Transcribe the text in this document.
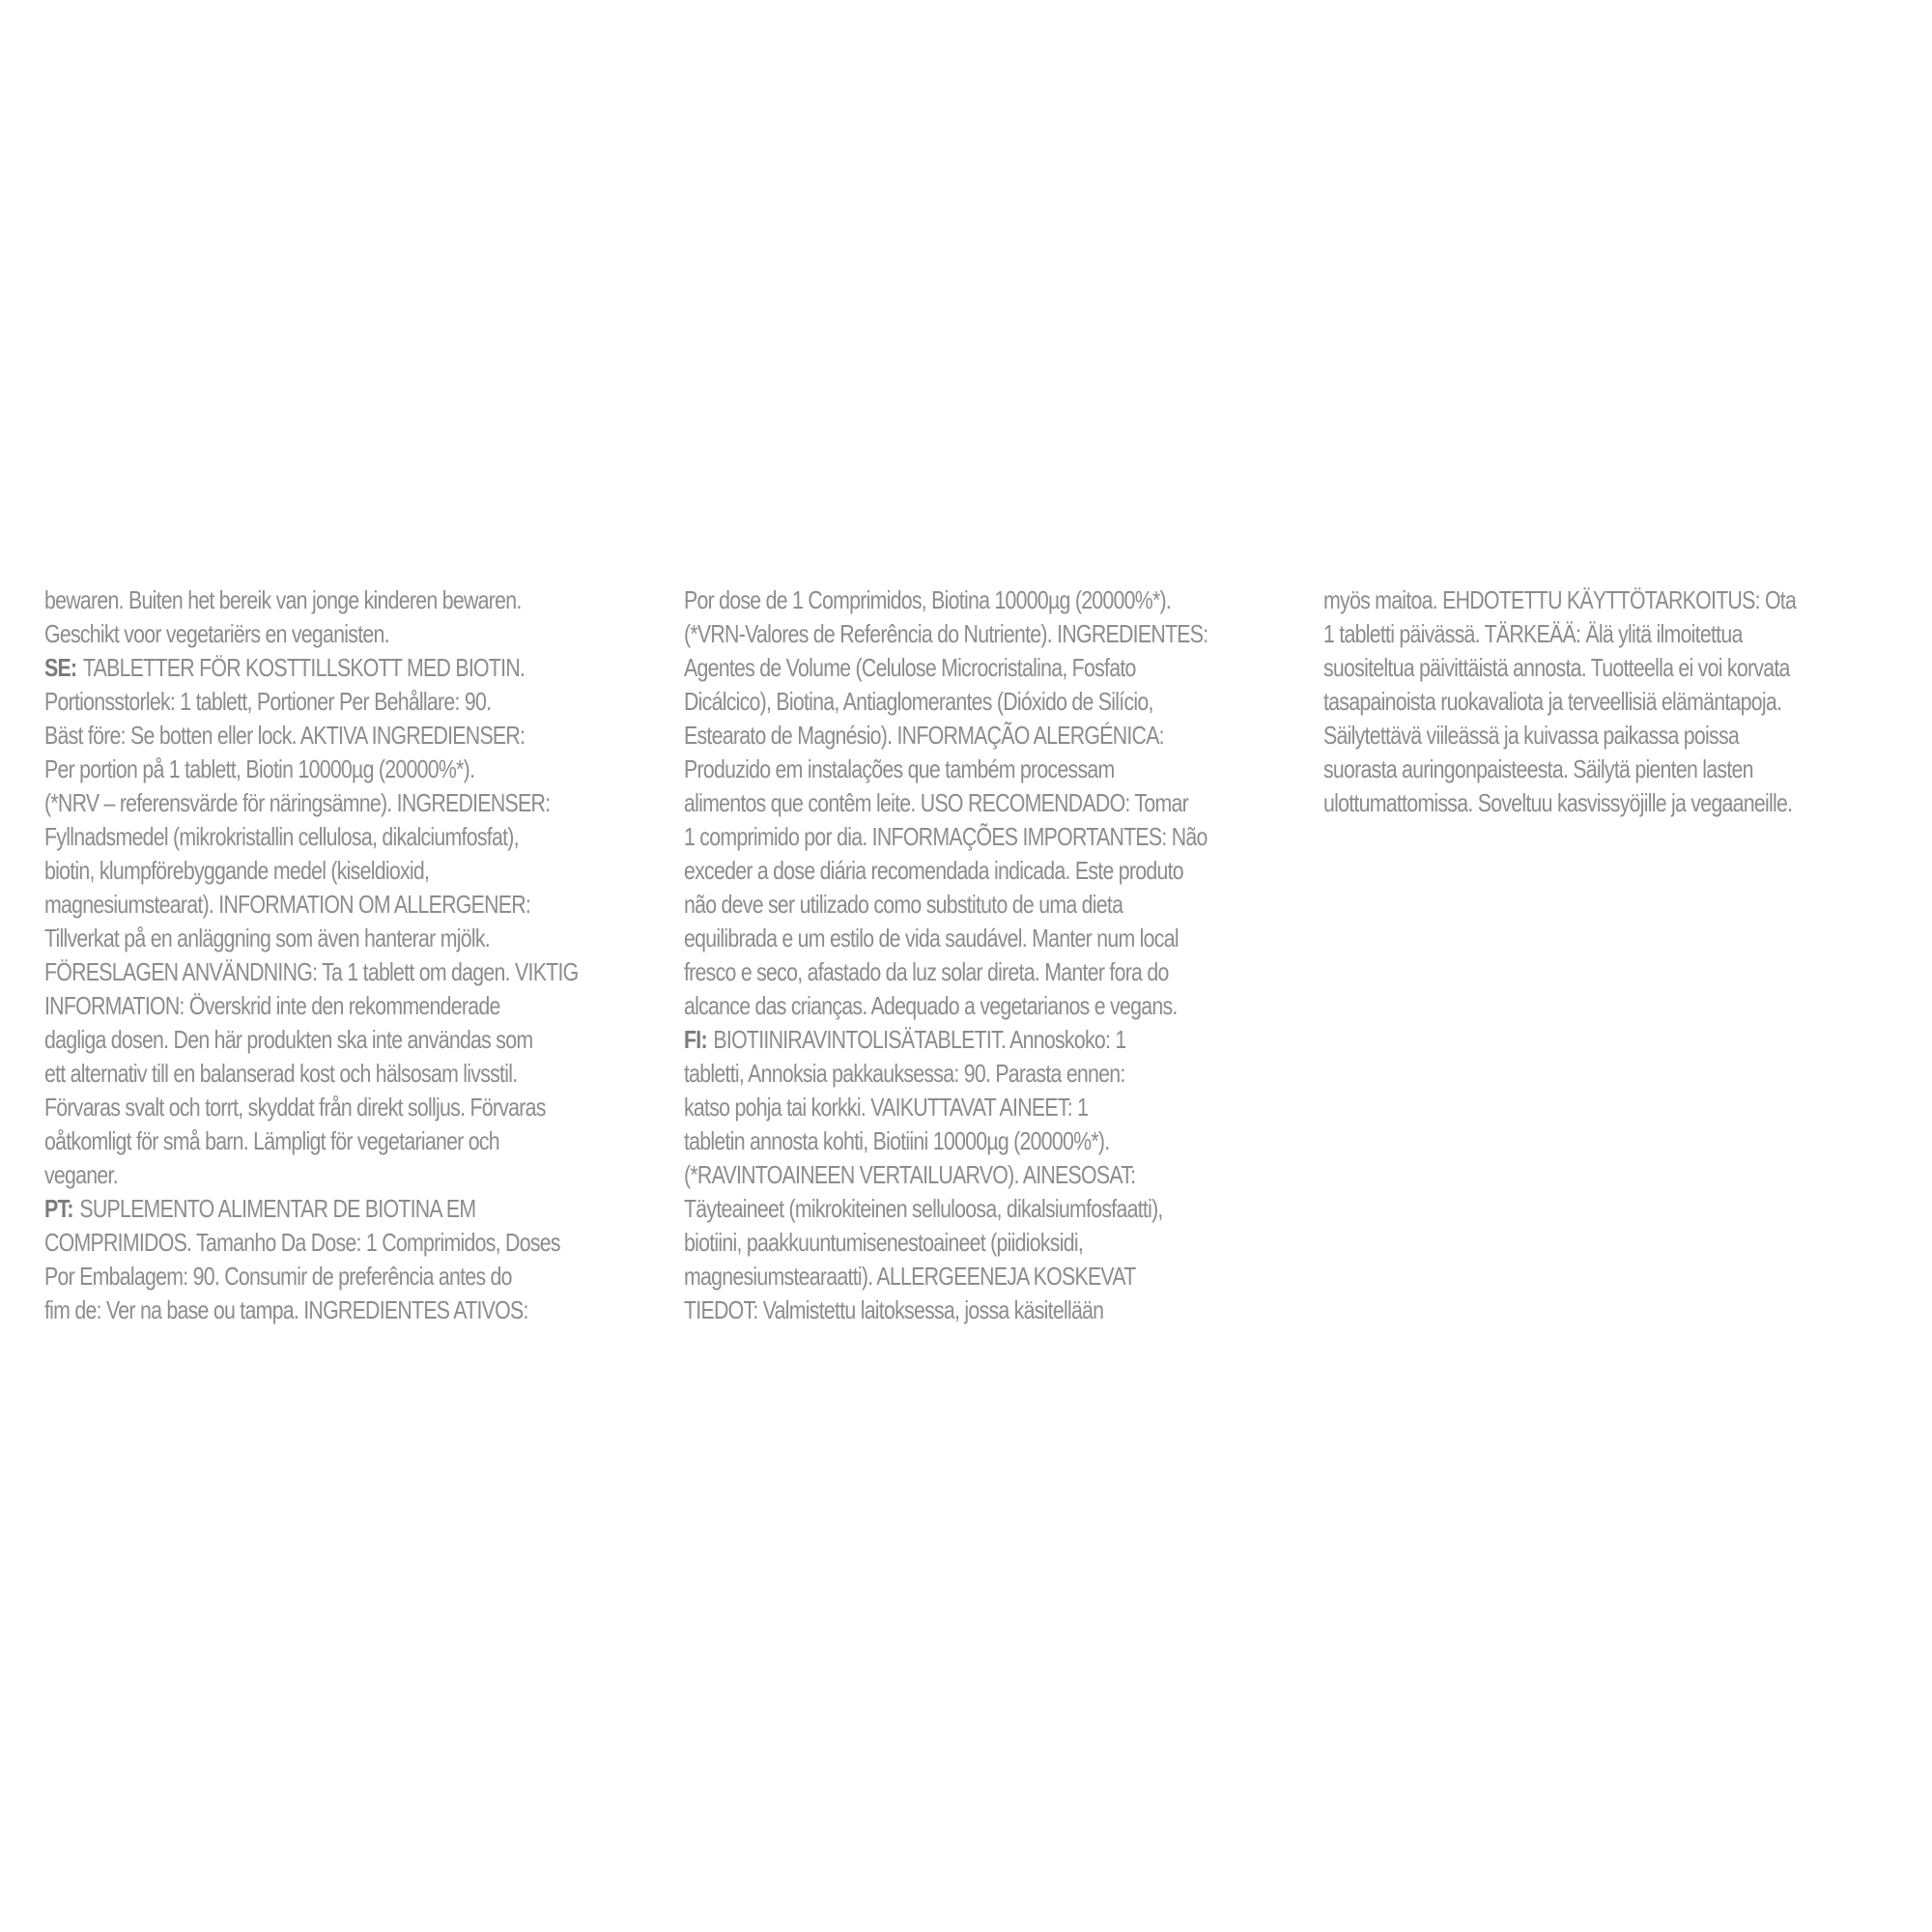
bewaren. Buiten het bereik van jonge kinderen bewaren.
Geschikt voor vegetariërs en veganisten.
SE: TABLETTER FÖR KOSTTILLSKOTT MED BIOTIN.
Portionsstorlek: 1 tablett, Portioner Per Behållare: 90.
Bäst före: Se botten eller lock. AKTIVA INGREDIENSER:
Per portion på 1 tablett, Biotin 10000µg (20000%*).
(*NRV – referensvärde för näringsämne). INGREDIENSER:
Fyllnadsmedel (mikrokristallin cellulosa, dikalciumfosfat),
biotin, klumpförebyggande medel (kiseldioxid,
magnesiumstearat). INFORMATION OM ALLERGENER:
Tillverkat på en anläggning som även hanterar mjölk.
FÖRESLAGEN ANVÄNDNING: Ta 1 tablett om dagen. VIKTIG
INFORMATION: Överskrid inte den rekommenderade
dagliga dosen. Den här produkten ska inte användas som
ett alternativ till en balanserad kost och hälsosam livsstil.
Förvaras svalt och torrt, skyddat från direkt solljus. Förvaras
oåtkomligt för små barn. Lämpligt för vegetarianer och
veganer.
PT: SUPLEMENTO ALIMENTAR DE BIOTINA EM
COMPRIMIDOS. Tamanho Da Dose: 1 Comprimidos, Doses
Por Embalagem: 90. Consumir de preferência antes do
fim de: Ver na base ou tampa. INGREDIENTES ATIVOS:
Por dose de 1 Comprimidos, Biotina 10000µg (20000%*).
(*VRN-Valores de Referência do Nutriente). INGREDIENTES:
Agentes de Volume (Celulose Microcristalina, Fosfato
Dicálcico), Biotina, Antiaglomerantes (Dióxido de Silício,
Estearato de Magnésio). INFORMAÇÃO ALERGÉNICA:
Produzido em instalações que também processam
alimentos que contêm leite. USO RECOMENDADO: Tomar
1 comprimido por dia. INFORMAÇÕES IMPORTANTES: Não
exceder a dose diária recomendada indicada. Este produto
não deve ser utilizado como substituto de uma dieta
equilibrada e um estilo de vida saudável. Manter num local
fresco e seco, afastado da luz solar direta. Manter fora do
alcance das crianças. Adequado a vegetarianos e vegans.
FI: BIOTIINIRAVINTOLISÄTABLETIT. Annoskoko: 1
tabletti, Annoksia pakkauksessa: 90. Parasta ennen:
katso pohja tai korkki. VAIKUTTAVAT AINEET: 1
tabletin annosta kohti, Biotiini 10000µg (20000%*).
(*RAVINTOAINEEN VERTAILUARVO). AINESOSAT:
Täyteaineet (mikrokiteinen selluloosa, dikalsiumfosfaatti),
biotiini, paakkuuntumisenestoaineet (piidioksidi,
magnesiumstearaatti). ALLERGEENEJA KOSKEVAT
TIEDOT: Valmistettu laitoksessa, jossa käsitellään
myös maitoa. EHDOTETTU KÄYTTÖTARKOITUS: Ota
1 tabletti päivässä. TÄRKEÄÄ: Älä ylitä ilmoitettua
suositeltua päivittäistä annosta. Tuotteella ei voi korvata
tasapainoista ruokavaliota ja terveellisiä elämäntapoja.
Säilytettävä viileässä ja kuivassa paikassa poissa
suorasta auringonpaisteesta. Säilytä pienten lasten
ulottumattomissa. Soveltuu kasvissyöjille ja vegaaneille.
